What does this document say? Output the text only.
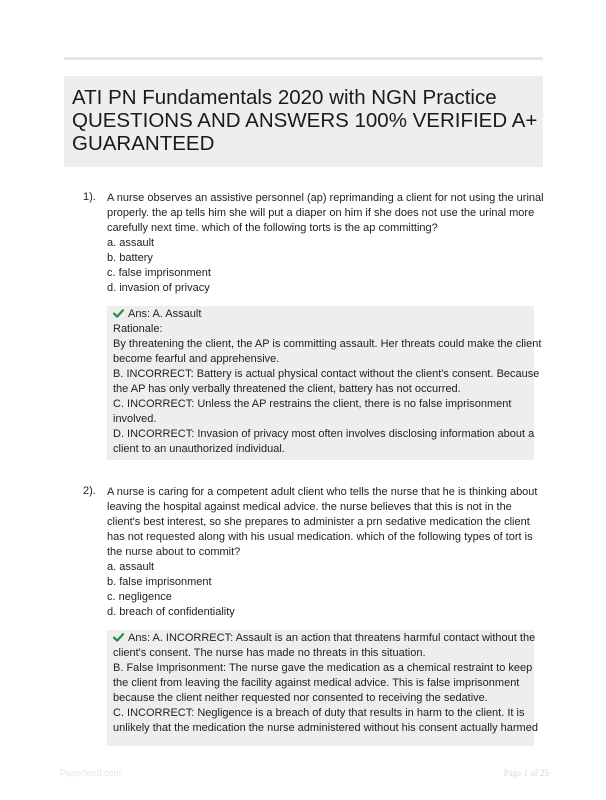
ATI PN Fundamentals 2020 with NGN Practice QUESTIONS AND ANSWERS 100% VERIFIED A+ GUARANTEED
1). A nurse observes an assistive personnel (ap) reprimanding a client for not using the urinal
properly. the ap tells him she will put a diaper on him if she does not use the urinal more
carefully next time. which of the following torts is the ap committing?
a. assault
b. battery
c. false imprisonment
d. invasion of privacy
Ans: A. Assault
Rationale:
By threatening the client, the AP is committing assault. Her threats could make the client
become fearful and apprehensive.
B. INCORRECT: Battery is actual physical contact without the client's consent. Because
the AP has only verbally threatened the client, battery has not occurred.
C. INCORRECT: Unless the AP restrains the client, there is no false imprisonment
involved.
D. INCORRECT: Invasion of privacy most often involves disclosing information about a
client to an unauthorized individual.
2). A nurse is caring for a competent adult client who tells the nurse that he is thinking about
leaving the hospital against medical advice. the nurse believes that this is not in the
client's best interest, so she prepares to administer a prn sedative medication the client
has not requested along with his usual medication. which of the following types of tort is
the nurse about to commit?
a. assault
b. false imprisonment
c. negligence
d. breach of confidentiality
Ans: A. INCORRECT: Assault is an action that threatens harmful contact without the
client's consent. The nurse has made no threats in this situation.
B. False Imprisonment: The nurse gave the medication as a chemical restraint to keep
the client from leaving the facility against medical advice. This is false imprisonment
because the client neither requested nor consented to receiving the sedative.
C. INCORRECT: Negligence is a breach of duty that results in harm to the client. It is
unlikely that the medication the nurse administered without his consent actually harmed
Paperfeed.com	Page 1 of 25
